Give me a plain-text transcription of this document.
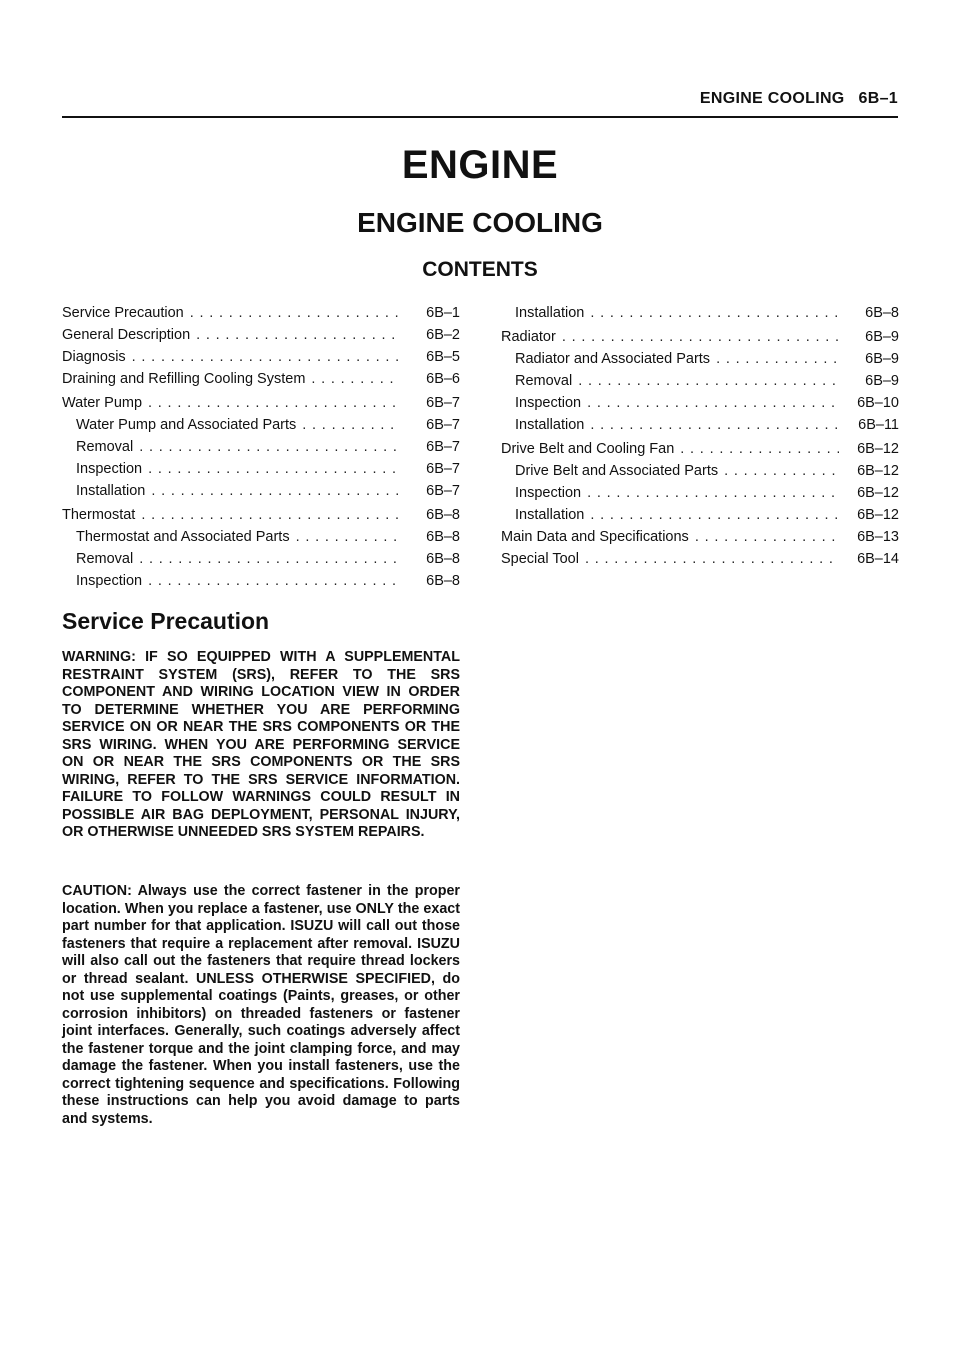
ENGINE COOLING 6B–1
ENGINE
ENGINE COOLING
CONTENTS
Service Precaution . . .	6B–1
General Description . . .	6B–2
Diagnosis . . .	6B–5
Draining and Refilling Cooling System . . .	6B–6
Water Pump . . .	6B–7
Water Pump and Associated Parts . . .	6B–7
Removal . . .	6B–7
Inspection . . .	6B–7
Installation . . .	6B–7
Thermostat . . .	6B–8
Thermostat and Associated Parts . . .	6B–8
Removal . . .	6B–8
Inspection . . .	6B–8
Installation . . .	6B–8
Radiator . . .	6B–9
Radiator and Associated Parts . . .	6B–9
Removal . . .	6B–9
Inspection . . .	6B–10
Installation . . .	6B–11
Drive Belt and Cooling Fan . . .	6B–12
Drive Belt and Associated Parts . . .	6B–12
Inspection . . .	6B–12
Installation . . .	6B–12
Main Data and Specifications . . .	6B–13
Special Tool . . .	6B–14
Service Precaution

WARNING: IF SO EQUIPPED WITH A SUPPLEMENTAL RESTRAINT SYSTEM (SRS), REFER TO THE SRS COMPONENT AND WIRING LOCATION VIEW IN ORDER TO DETERMINE WHETHER YOU ARE PERFORMING SERVICE ON OR NEAR THE SRS COMPONENTS OR THE SRS WIRING. WHEN YOU ARE PERFORMING SERVICE ON OR NEAR THE SRS COMPONENTS OR THE SRS WIRING, REFER TO THE SRS SERVICE INFORMATION. FAILURE TO FOLLOW WARNINGS COULD RESULT IN POSSIBLE AIR BAG DEPLOYMENT, PERSONAL INJURY, OR OTHERWISE UNNEEDED SRS SYSTEM REPAIRS.

CAUTION: Always use the correct fastener in the proper location. When you replace a fastener, use ONLY the exact part number for that application. ISUZU will call out those fasteners that require a replacement after removal. ISUZU will also call out the fasteners that require thread lockers or thread sealant. UNLESS OTHERWISE SPECIFIED, do not use supplemental coatings (Paints, greases, or other corrosion inhibitors) on threaded fasteners or fastener joint interfaces. Generally, such coatings adversely affect the fastener torque and the joint clamping force, and may damage the fastener. When you install fasteners, use the correct tightening sequence and specifications. Following these instructions can help you avoid damage to parts and systems.
